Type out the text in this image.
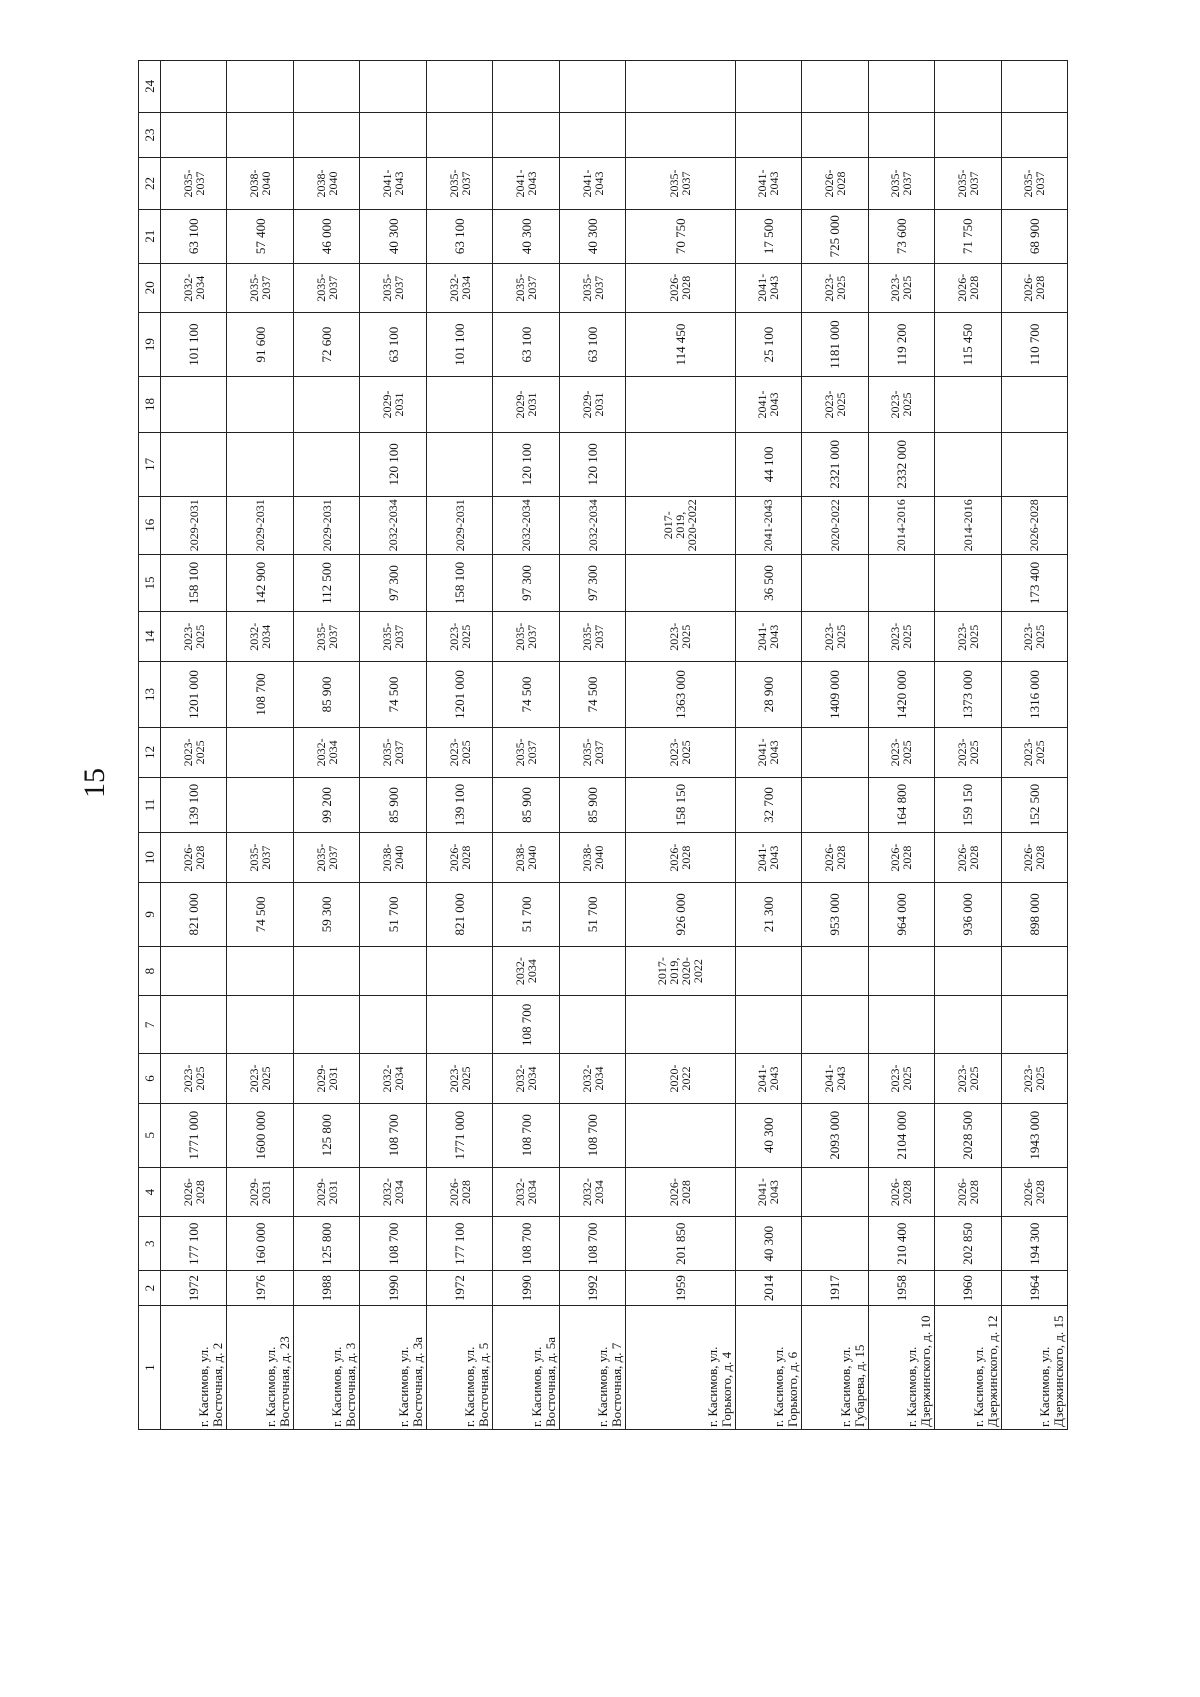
15
1	2	3	4	5	6	7	8	9	10	11	12	13	14	15	16	17	18	19	20	21	22	23	24
г. Касимов, ул. Восточная, д. 2	1972	177 100	2026-2028	1771 000	2023-2025			821 000	2026-2028	139 100	2023-2025	1201 000	2023-2025	158 100	2029-2031			101 100	2032-2034	63 100	2035-2037		
г. Касимов, ул. Восточная, д. 23	1976	160 000	2029-2031	1600 000	2023-2025			74 500	2035-2037			108 700	2032-2034	142 900	2029-2031			91 600	2035-2037	57 400	2038-2040		
г. Касимов, ул. Восточная, д. 3	1988	125 800	2029-2031	125 800	2029-2031			59 300	2035-2037	99 200	2032-2034	85 900	2035-2037	112 500	2029-2031			72 600	2035-2037	46 000	2038-2040		
г. Касимов, ул. Восточная, д. 3а	1990	108 700	2032-2034	108 700	2032-2034			51 700	2038-2040	85 900	2035-2037	74 500	2035-2037	97 300	2032-2034	120 100	2029-2031	63 100	2035-2037	40 300	2041-2043		
г. Касимов, ул. Восточная, д. 5	1972	177 100	2026-2028	1771 000	2023-2025			821 000	2026-2028	139 100	2023-2025	1201 000	2023-2025	158 100	2029-2031			101 100	2032-2034	63 100	2035-2037		
г. Касимов, ул. Восточная, д. 5а	1990	108 700	2032-2034	108 700	2032-2034	108 700	2032-2034	51 700	2038-2040	85 900	2035-2037	74 500	2035-2037	97 300	2032-2034	120 100	2029-2031	63 100	2035-2037	40 300	2041-2043		
г. Касимов, ул. Восточная, д. 7	1992	108 700	2032-2034	108 700	2032-2034			51 700	2038-2040	85 900	2035-2037	74 500	2035-2037	97 300	2032-2034	120 100	2029-2031	63 100	2035-2037	40 300	2041-2043		
г. Касимов, ул. Горького, д. 4	1959	201 850	2026-2028		2020-2022		2017-2019, 2020-2022	926 000	2026-2028	158 150	2023-2025	1363 000	2023-2025		2017-2019, 2020-2022			114 450	2026-2028	70 750	2035-2037		
г. Касимов, ул. Горького, д. 6	2014	40 300	2041-2043	40 300	2041-2043			21 300	2041-2043	32 700	2041-2043	28 900	2041-2043	36 500	2041-2043	44 100	2041-2043	25 100	2041-2043	17 500	2041-2043		
г. Касимов, ул. Губарева, д. 15	1917			2093 000	2041-2043			953 000	2026-2028			1409 000	2023-2025		2020-2022	2321 000	2023-2025	1181 000	2023-2025	725 000	2026-2028		
г. Касимов, ул. Дзержинского, д. 10	1958	210 400	2026-2028	2104 000	2023-2025			964 000	2026-2028	164 800	2023-2025	1420 000	2023-2025		2014-2016	2332 000	2023-2025	119 200	2023-2025	73 600	2035-2037		
г. Касимов, ул. Дзержинского, д. 12	1960	202 850	2026-2028	2028 500	2023-2025			936 000	2026-2028	159 150	2023-2025	1373 000	2023-2025		2014-2016			115 450	2026-2028	71 750	2035-2037		
г. Касимов, ул. Дзержинского, д. 15	1964	194 300	2026-2028	1943 000	2023-2025			898 000	2026-2028	152 500	2023-2025	1316 000	2023-2025	173 400	2026-2028			110 700	2026-2028	68 900	2035-2037		
